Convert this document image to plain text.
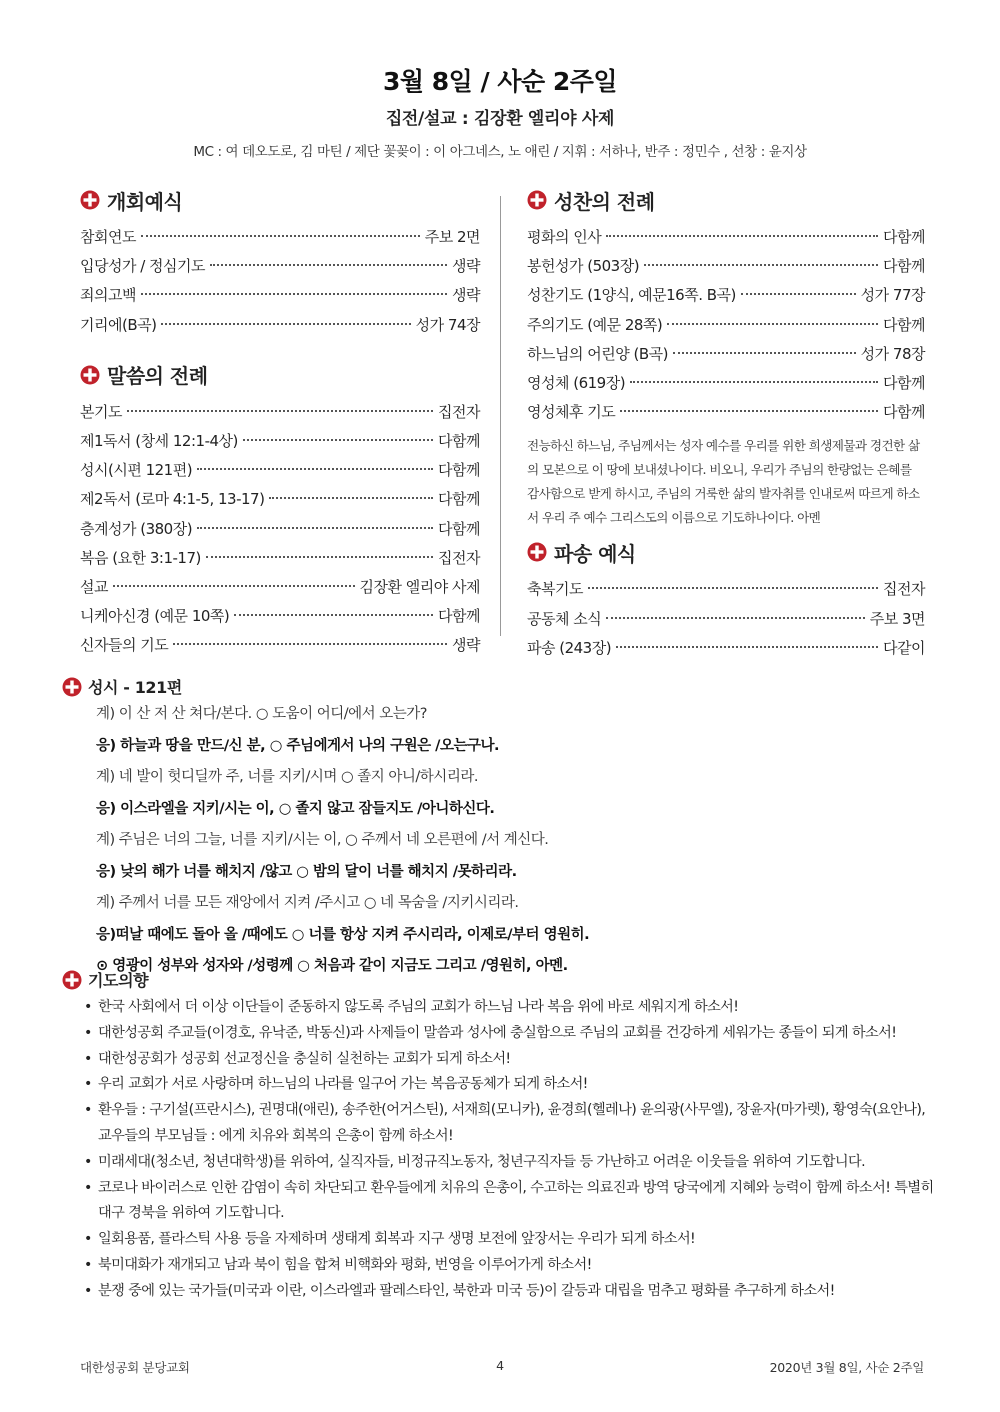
3월 8일 / 사순 2주일
집전/설교 : 김장환 엘리야 사제
MC : 여 데오도로, 김 마틴 / 제단 꽃꽂이 : 이 아그네스, 노 애린 / 지휘 : 서하나, 반주 : 정민수 , 선창 : 윤지상
개회예식
참회연도	주보 2면
입당성가 / 정심기도	생략
죄의고백	생략
기리에(B곡)	성가 74장
말씀의 전례
본기도	집전자
제1독서 (창세 12:1-4상)	다함께
성시(시편 121편)	다함께
제2독서 (로마 4:1-5, 13-17)	다함께
층계성가 (380장)	다함께
복음 (요한 3:1-17)	집전자
설교	김장환 엘리야 사제
니케아신경 (예문 10쪽)	다함께
신자들의 기도	생략
성찬의 전례
평화의 인사	다함께
봉헌성가 (503장)	다함께
성찬기도 (1양식, 예문16쪽. B곡)	성가 77장
주의기도 (예문 28쪽)	다함께
하느님의 어린양 (B곡)	성가 78장
영성체 (619장)	다함께
영성체후 기도	다함께

전능하신 하느님, 주님께서는 성자 예수를 우리를 위한 희생제물과 경건한 삶의 모본으로 이 땅에 보내셨나이다. 비오니, 우리가 주님의 한량없는 은혜를 감사함으로 받게 하시고, 주님의 거룩한 삶의 발자취를 인내로써 따르게 하소서 우리 주 예수 그리스도의 이름으로 기도하나이다. 아멘

파송 예식
축복기도	집전자
공동체 소식	주보 3면
파송 (243장)	다같이
성시 - 121편
계) 이 산 저 산 쳐다/본다. ○ 도움이 어디/에서 오는가?
응) 하늘과 땅을 만드/신 분, ○ 주님에게서 나의 구원은 /오는구나.
계) 네 발이 헛디딜까 주, 너를 지키/시며 ○ 졸지 아니/하시리라.
응) 이스라엘을 지키/시는 이, ○ 졸지 않고 잠들지도 /아니하신다.
계) 주님은 너의 그늘, 너를 지키/시는 이, ○ 주께서 네 오른편에 /서 계신다.
응) 낮의 해가 너를 해치지 /않고 ○ 밤의 달이 너를 해치지 /못하리라.
계) 주께서 너를 모든 재앙에서 지켜 /주시고 ○ 네 목숨을 /지키시리라.
응)떠날 때에도 돌아 올 /때에도 ○ 너를 항상 지켜 주시리라, 이제로/부터 영원히.
⊙ 영광이 성부와 성자와 /성령께 ○ 처음과 같이 지금도 그리고 /영원히, 아멘.
기도의향
• 한국 사회에서 더 이상 이단들이 준동하지 않도록 주님의 교회가 하느님 나라 복음 위에 바로 세워지게 하소서!
• 대한성공회 주교들(이경호, 유낙준, 박동신)과 사제들이 말씀과 성사에 충실함으로 주님의 교회를 건강하게 세워가는 종들이 되게 하소서!
• 대한성공회가 성공회 선교정신을 충실히 실천하는 교회가 되게 하소서!
• 우리 교회가 서로 사랑하며 하느님의 나라를 일구어 가는 복음공동체가 되게 하소서!
• 환우들 : 구기설(프란시스), 권명대(애린), 송주한(어거스틴), 서재희(모니카), 윤경희(헬레나) 윤의광(사무엘), 장윤자(마가렛), 황영숙(요안나), 교우들의 부모님들 : 에게 치유와 회복의 은총이 함께 하소서!
• 미래세대(청소년, 청년대학생)를 위하여, 실직자들, 비정규직노동자, 청년구직자들 등 가난하고 어려운 이웃들을 위하여 기도합니다.
• 코로나 바이러스로 인한 감염이 속히 차단되고 환우들에게 치유의 은총이, 수고하는 의료진과 방역 당국에게 지혜와 능력이 함께 하소서! 특별히 대구 경북을 위하여 기도합니다.
• 일회용품, 플라스틱 사용 등을 자제하며 생태계 회복과 지구 생명 보전에 앞장서는 우리가 되게 하소서!
• 북미대화가 재개되고 남과 북이 힘을 합쳐 비핵화와 평화, 번영을 이루어가게 하소서!
• 분쟁 중에 있는 국가들(미국과 이란, 이스라엘과 팔레스타인, 북한과 미국 등)이 갈등과 대립을 멈추고 평화를 추구하게 하소서!
대한성공회 분당교회	4	2020년 3월 8일, 사순 2주일
